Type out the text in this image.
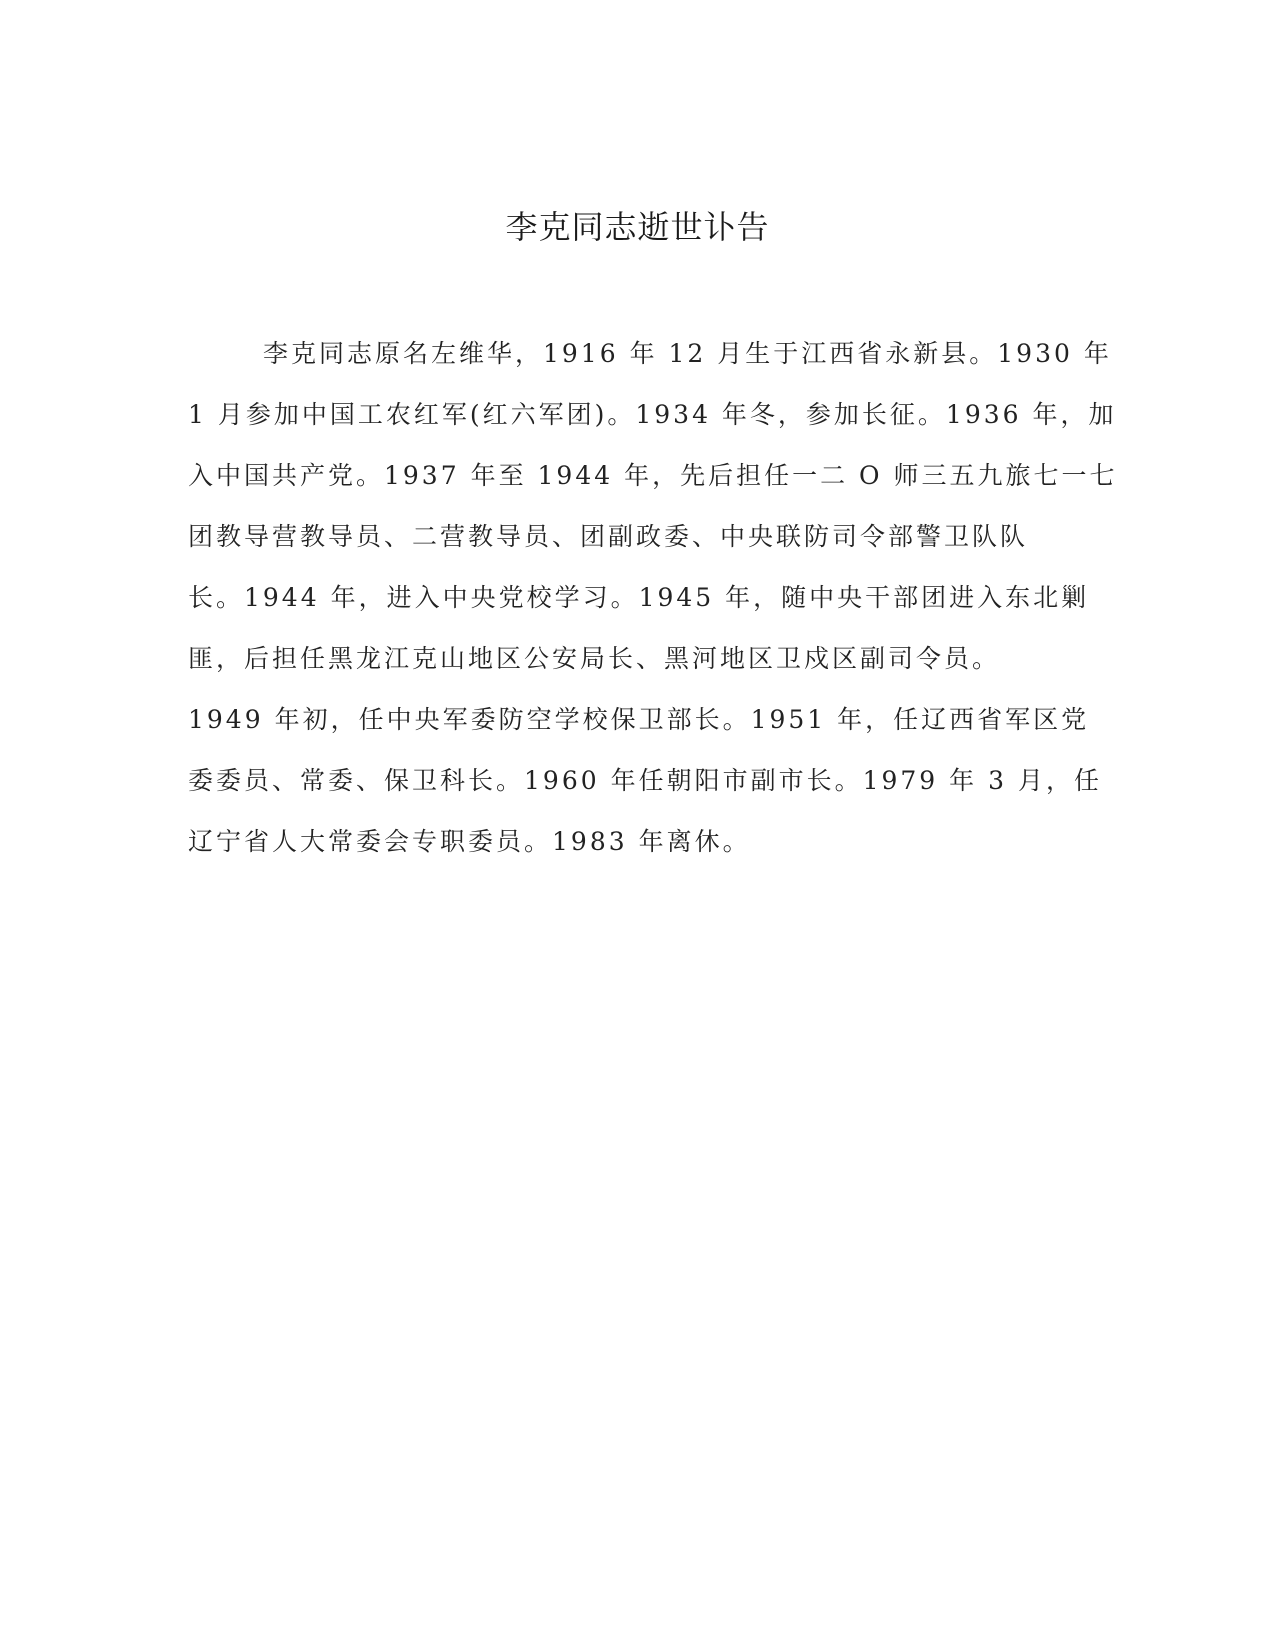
李克同志逝世讣告
李克同志原名左维华，1916 年 12 月生于江西省永新县。1930 年
1 月参加中国工农红军(红六军团)。1934 年冬，参加长征。1936 年，加
入中国共产党。1937 年至 1944 年，先后担任一二 O 师三五九旅七一七
团教导营教导员、二营教导员、团副政委、中央联防司令部警卫队队
长。1944 年，进入中央党校学习。1945 年，随中央干部团进入东北剿
匪，后担任黑龙江克山地区公安局长、黑河地区卫戍区副司令员。
1949 年初，任中央军委防空学校保卫部长。1951 年，任辽西省军区党
委委员、常委、保卫科长。1960 年任朝阳市副市长。1979 年 3 月，任
辽宁省人大常委会专职委员。1983 年离休。
